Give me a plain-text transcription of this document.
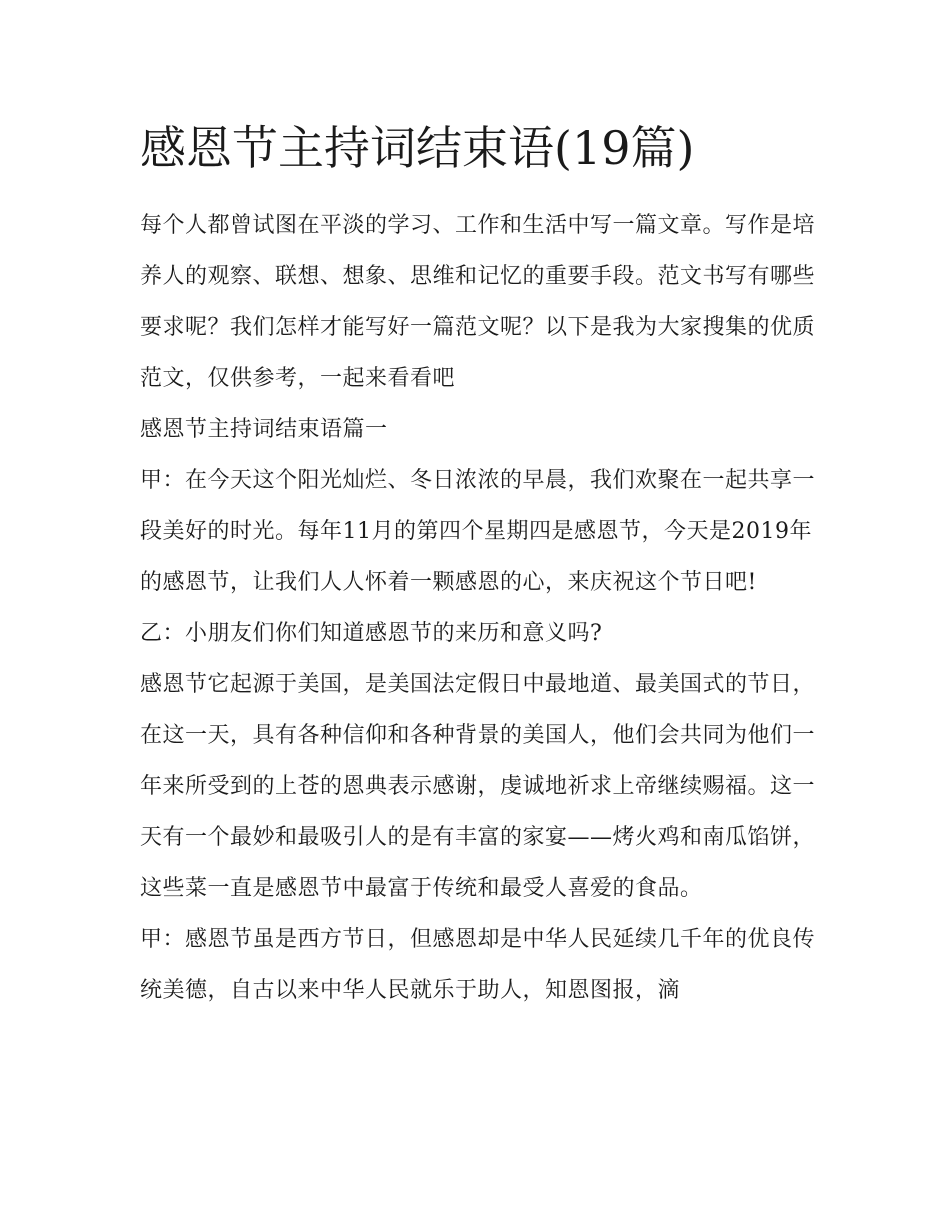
感恩节主持词结束语(19篇)

每个人都曾试图在平淡的学习、工作和生活中写一篇文章。写作是培养人的观察、联想、想象、思维和记忆的重要手段。范文书写有哪些要求呢？我们怎样才能写好一篇范文呢？以下是我为大家搜集的优质范文，仅供参考，一起来看看吧

感恩节主持词结束语篇一

甲：在今天这个阳光灿烂、冬日浓浓的早晨，我们欢聚在一起共享一段美好的时光。每年11月的第四个星期四是感恩节，今天是2019年的感恩节，让我们人人怀着一颗感恩的心，来庆祝这个节日吧!

乙：小朋友们你们知道感恩节的来历和意义吗?

感恩节它起源于美国，是美国法定假日中最地道、最美国式的节日，在这一天，具有各种信仰和各种背景的美国人，他们会共同为他们一年来所受到的上苍的恩典表示感谢，虔诚地祈求上帝继续赐福。这一天有一个最妙和最吸引人的是有丰富的家宴——烤火鸡和南瓜馅饼，这些菜一直是感恩节中最富于传统和最受人喜爱的食品。

甲：感恩节虽是西方节日，但感恩却是中华人民延续几千年的优良传统美德，自古以来中华人民就乐于助人，知恩图报，滴
